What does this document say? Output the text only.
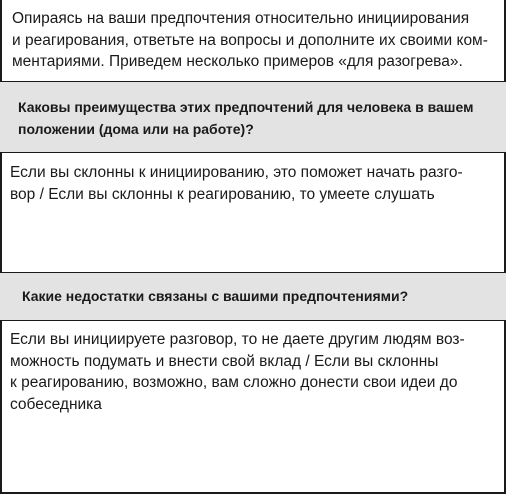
Опираясь на ваши предпочтения относительно инициирования
и реагирования, ответьте на вопросы и дополните их своими ком-
ментариями. Приведем несколько примеров «для разогрева».

Каковы преимущества этих предпочтений для человека в вашем
положении (дома или на работе)?

Если вы склонны к инициированию, это поможет начать разго-
вор / Если вы склонны к реагированию, то умеете слушать

Какие недостатки связаны с вашими предпочтениями?

Если вы инициируете разговор, то не даете другим людям воз-
можность подумать и внести свой вклад / Если вы склонны
к реагированию, возможно, вам сложно донести свои идеи до
собеседника
